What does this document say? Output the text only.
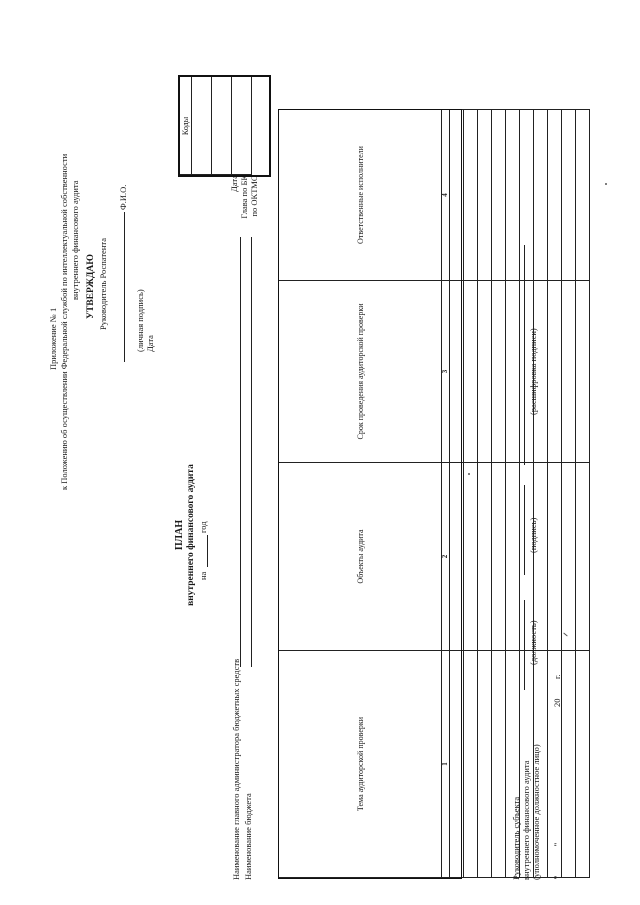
Приложение № 1 к Положению об осуществлении Федеральной службой по интеллектуальной собственности внутреннего финансового аудита УТВЕРЖДАЮ Руководитель Роспатента
Ф.И.О.
(личная подпись) Дата
Дата Глава по БК по ОКТМО
	Коды

ПЛАН внутреннего финансового аудита на
год
Наименование главного администратора бюджетных средств Наименование бюджета
Тема аудиторской проверки	Объекты аудита	Срок проведения аудиторской проверки	Ответственные исполнители
1	2	3	4

Руководитель субъекта внутреннего финансового аудита (уполномоченное должностное лицо)
(должность)
(подпись)
(расшифровка подписи)
"
"
20
г.
